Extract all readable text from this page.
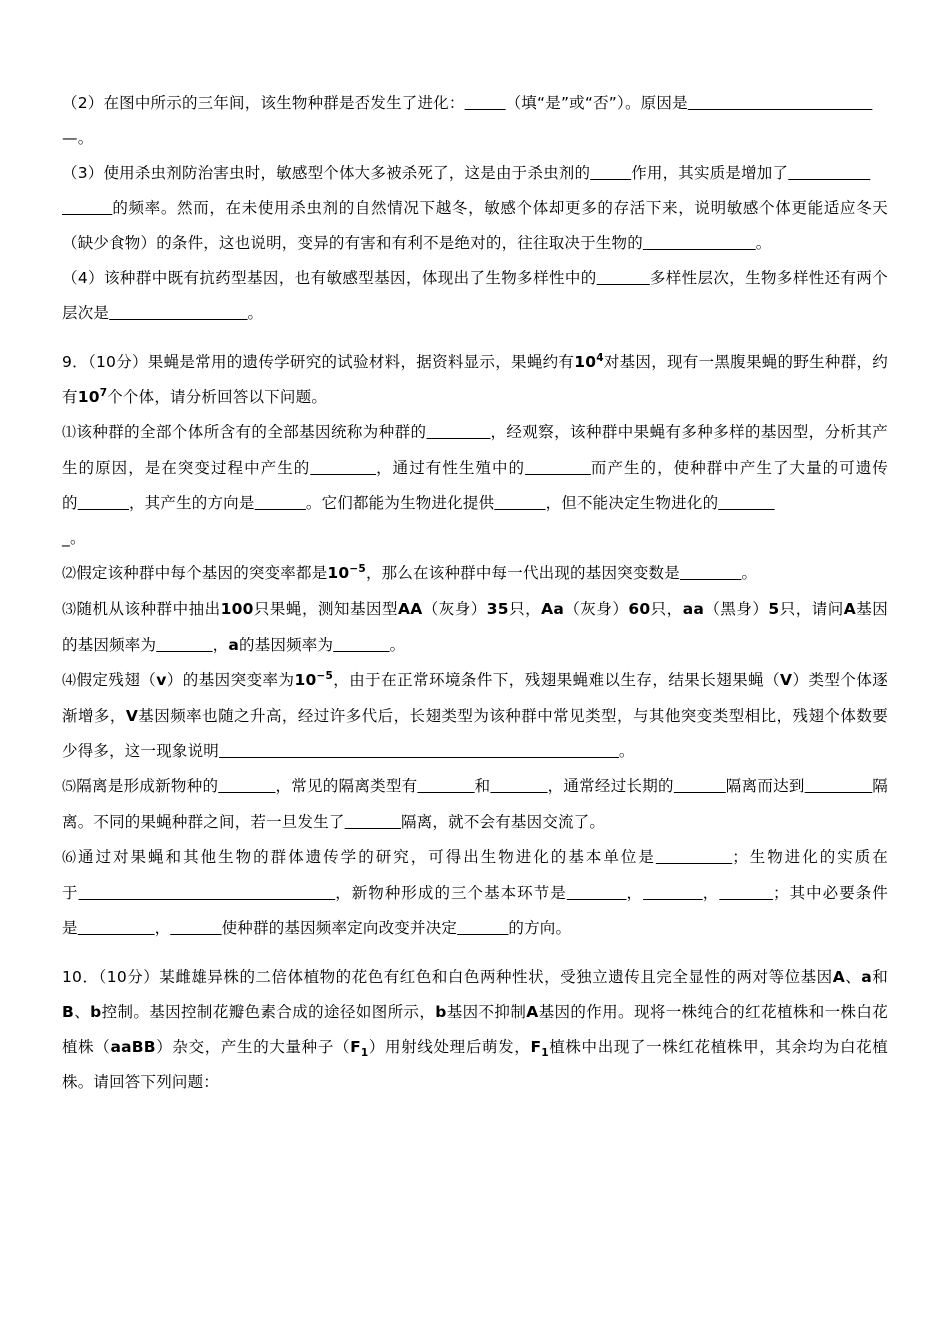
（2）在图中所示的三年间，该生物种群是否发生了进化：	（填“是”或“否”）。原因是
—。

（3）使用杀虫剂防治害虫时，敏感型个体大多被杀死了，这是由于杀虫剂的	作用，其实质是增加了
的频率。然而，在未使用杀虫剂的自然情况下越冬，敏感个体却更多的存活下来，说明敏感个体更能适应冬天（缺少食物）的条件，这也说明，变异的有害和有利不是绝对的，往往取决于生物的	。

（4）该种群中既有抗药型基因，也有敏感型基因，体现出了生物多样性中的	多样性层次，生物多样性还有两个层次是	。

9．（10分）果蝇是常用的遗传学研究的试验材料，据资料显示，果蝇约有$10^4$对基因，现有一黑腹果蝇的野生种群，约有$10^7$个个体，请分析回答以下问题。

⑴该种群的全部个体所含有的全部基因统称为种群的	，经观察，该种群中果蝇有多种多样的基因型，分析其产生的原因，是在突变过程中产生的	，通过有性生殖中的	而产生的，使种群中产生了大量的可遗传的	，其产生的方向是	。它们都能为生物进化提供	，但不能决定生物进化的
_。

⑵假定该种群中每个基因的突变率都是$10^{-5}$，那么在该种群中每一代出现的基因突变数是	。

⑶随机从该种群中抽出100只果蝇，测知基因型AA（灰身）35只，Aa（灰身）60只，aa（黑身）5只，请问A基因的基因频率为	，a的基因频率为	。

⑷假定残翅（v）的基因突变率为$10^{-5}$，由于在正常环境条件下，残翅果蝇难以生存，结果长翅果蝇（V）类型个体逐渐增多，V基因频率也随之升高，经过许多代后，长翅类型为该种群中常见类型，与其他突变类型相比，残翅个体数要少得多，这一现象说明	。

⑸隔离是形成新物种的	，常见的隔离类型有	和	，通常经过长期的	隔离而达到	隔离。不同的果蝇种群之间，若一旦发生了	隔离，就不会有基因交流了。

⑹通过对果蝇和其他生物的群体遗传学的研究，可得出生物进化的基本单位是	；生物进化的实质在于	，新物种形成的三个基本环节是	，	，	；其中必要条件是	，	使种群的基因频率定向改变并决定	的方向。

10．（10分）某雌雄异株的二倍体植物的花色有红色和白色两种性状，受独立遗传且完全显性的两对等位基因A、a和B、b控制。基因控制花瓣色素合成的途径如图所示，b基因不抑制A基因的作用。现将一株纯合的红花植株和一株白花植株（aaBB）杂交，产生的大量种子$(F_1)$用射线处理后萌发，$F_1$植株中出现了一株红花植株甲，其余均为白花植株。请回答下列问题：
